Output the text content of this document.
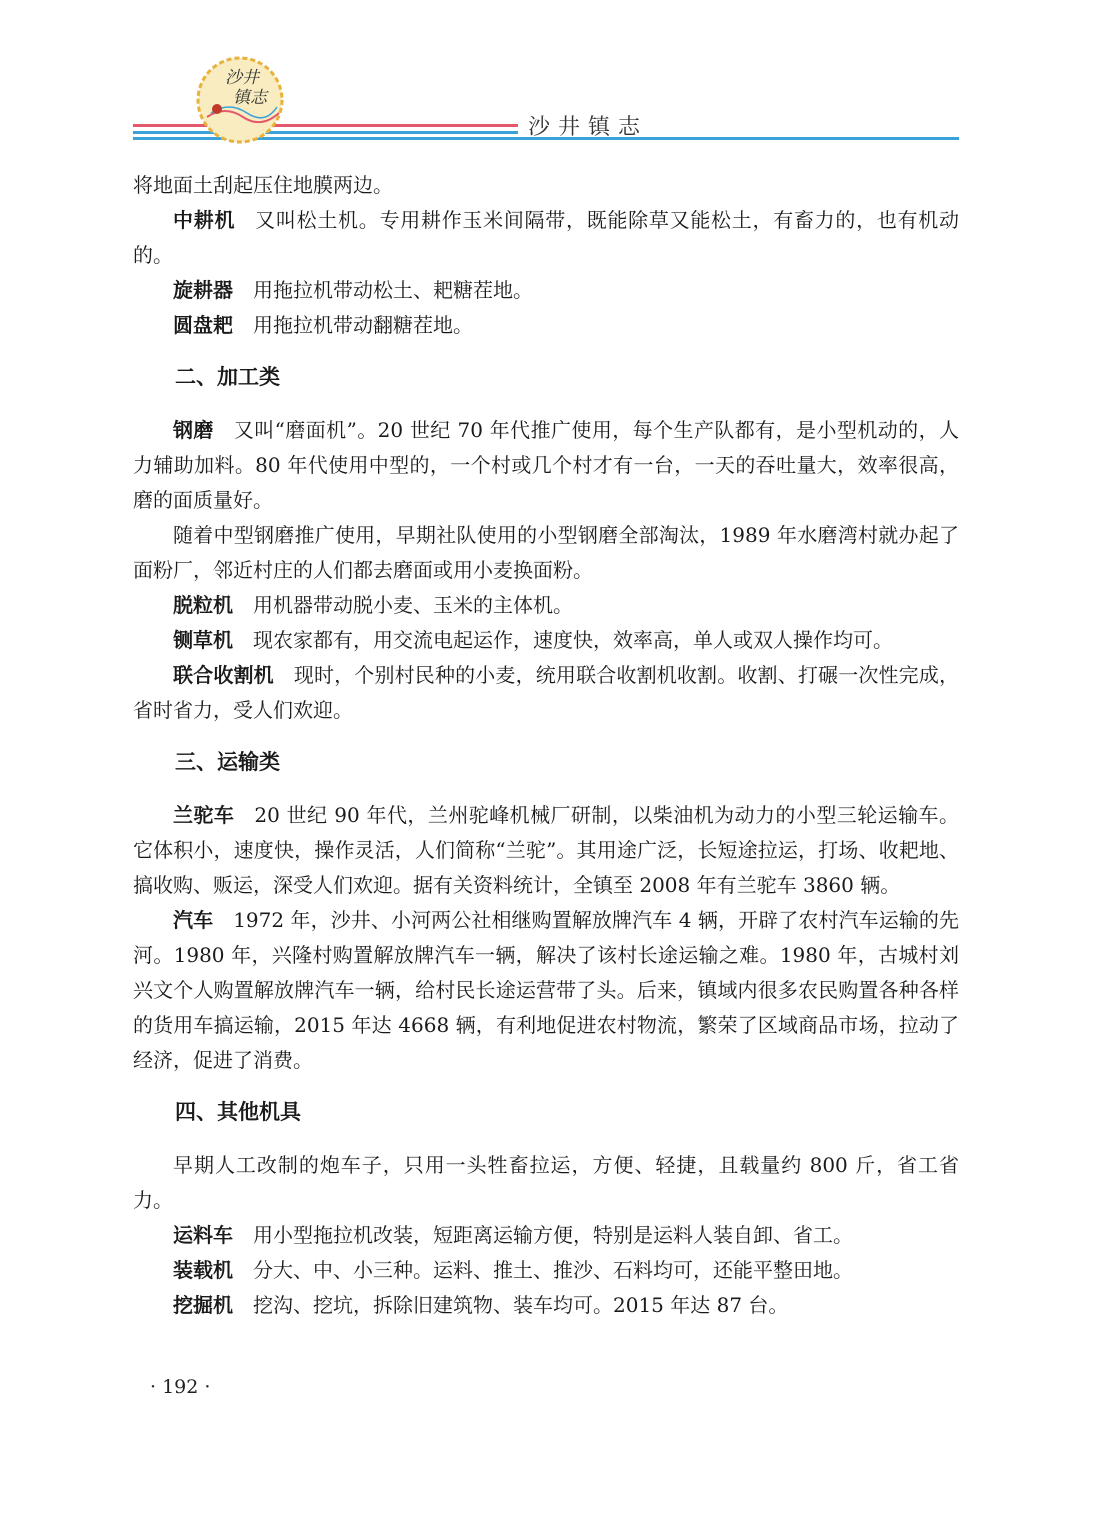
沙井
镇志
沙井镇志

将地面土刮起压住地膜两边。

中耕机 又叫松土机。专用耕作玉米间隔带，既能除草又能松土，有畜力的，也有机动的。

旋耕器 用拖拉机带动松土、耙糖茬地。

圆盘耙 用拖拉机带动翻糖茬地。

二、加工类

钢磨 又叫“磨面机”。20 世纪 70 年代推广使用，每个生产队都有，是小型机动的，人力辅助加料。80 年代使用中型的，一个村或几个村才有一台，一天的吞吐量大，效率很高，磨的面质量好。

随着中型钢磨推广使用，早期社队使用的小型钢磨全部淘汰，1989 年水磨湾村就办起了面粉厂，邻近村庄的人们都去磨面或用小麦换面粉。

脱粒机 用机器带动脱小麦、玉米的主体机。

铡草机 现农家都有，用交流电起运作，速度快，效率高，单人或双人操作均可。

联合收割机 现时，个别村民种的小麦，统用联合收割机收割。收割、打碾一次性完成，省时省力，受人们欢迎。

三、运输类

兰驼车 20 世纪 90 年代，兰州驼峰机械厂研制，以柴油机为动力的小型三轮运输车。它体积小，速度快，操作灵活，人们简称“兰驼”。其用途广泛，长短途拉运，打场、收耙地、搞收购、贩运，深受人们欢迎。据有关资料统计，全镇至 2008 年有兰驼车 3860 辆。

汽车 1972 年，沙井、小河两公社相继购置解放牌汽车 4 辆，开辟了农村汽车运输的先河。1980 年，兴隆村购置解放牌汽车一辆，解决了该村长途运输之难。1980 年，古城村刘兴文个人购置解放牌汽车一辆，给村民长途运营带了头。后来，镇域内很多农民购置各种各样的货用车搞运输，2015 年达 4668 辆，有利地促进农村物流，繁荣了区域商品市场，拉动了经济，促进了消费。

四、其他机具

早期人工改制的炮车子，只用一头牲畜拉运，方便、轻捷，且载量约 800 斤，省工省力。

运料车 用小型拖拉机改装，短距离运输方便，特别是运料人装自卸、省工。

装载机 分大、中、小三种。运料、推土、推沙、石料均可，还能平整田地。

挖掘机 挖沟、挖坑，拆除旧建筑物、装车均可。2015 年达 87 台。

· 192 ·
